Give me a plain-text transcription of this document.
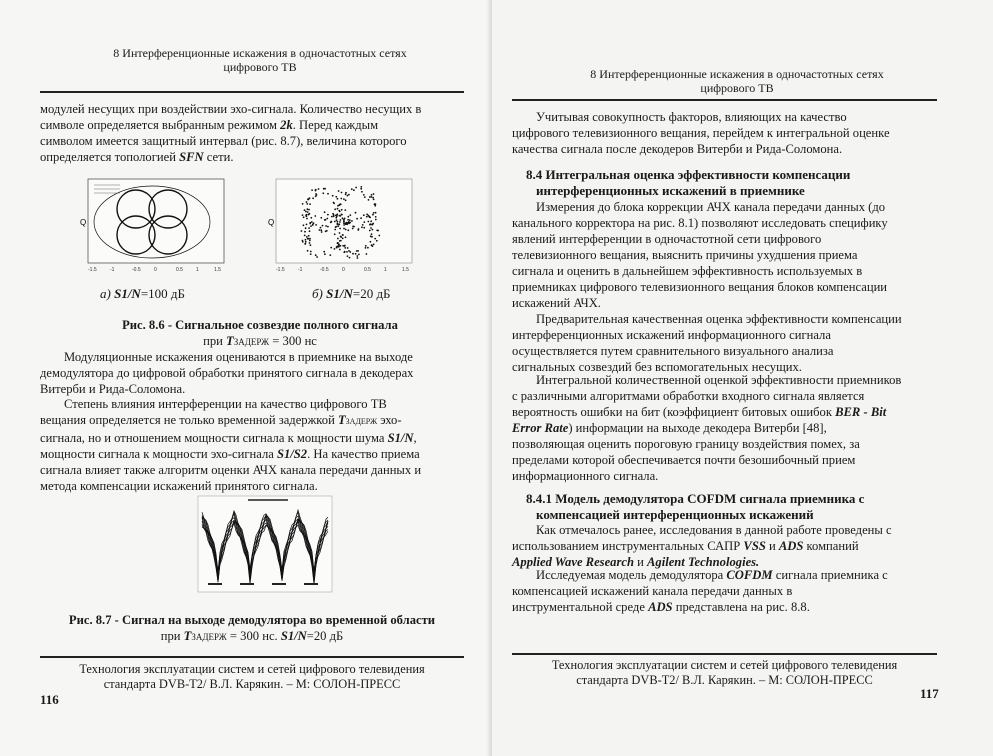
8 Интерференционные искажения в одночастотных сетях
цифрового ТВ

модулей несущих при воздействии эхо-сигнала. Количество несущих в

символе определяется выбранным режимом 2k. Перед каждым

символом имеется защитный интервал (рис. 8.7), величина которого

определяется топологией SFN сети.

Q
-1.5	-1	-0.5	0	0.5	1	1.5
Q
-1.5	-1	-0.5	0	0.5	1	1.5
а) S1/N=100 дБ	б) S1/N=20 дБ
Рис. 8.6 - Сигнальное созвездие полного сигнала
при TЗАДЕРЖ = 300 нс

Модуляционные искажения оцениваются в приемнике на выходе

демодулятора до цифровой обработки принятого сигнала в декодерах

Витерби и Рида-Соломона.

Степень влияния интерференции на качество цифрового ТВ

вещания определяется не только временной задержкой TЗАДЕРЖ эхо-

сигнала, но и отношением мощности сигнала к мощности шума S1/N,

мощности сигнала к мощности эхо-сигнала S1/S2. На качество приема

сигнала влияет также алгоритм оценки АЧХ канала передачи данных и

метода компенсации искажений принятого сигнала.

Рис. 8.7 - Сигнал на выходе демодулятора во временной области
при TЗАДЕРЖ = 300 нс. S1/N=20 дБ
Технология эксплуатации систем и сетей цифрового телевидения
стандарта DVB-T2/ В.Л. Карякин. – М: СОЛОН-ПРЕСС
116
8 Интерференционные искажения в одночастотных сетях
цифрового ТВ

Учитывая совокупность факторов, влияющих на качество

цифрового телевизионного вещания, перейдем к интегральной оценке

качества сигнала после декодеров Витерби и Рида-Соломона.

8.4 Интегральная оценка эффективности компенсации
интерференционных искажений в приемнике

Измерения до блока коррекции АЧХ канала передачи данных (до

канального корректора на рис. 8.1) позволяют исследовать специфику

явлений интерференции в одночастотной сети цифрового

телевизионного вещания, выяснить причины ухудшения приема

сигнала и оценить в дальнейшем эффективность используемых в

приемниках цифрового телевизионного вещания блоков компенсации

искажений АЧХ.

Предварительная качественная оценка эффективности компенсации

интерференционных искажений информационного сигнала

осуществляется путем сравнительного визуального анализа

сигнальных созвездий без вспомогательных несущих.

Интегральной количественной оценкой эффективности приемников

с различными алгоритмами обработки входного сигнала является

вероятность ошибки на бит (коэффициент битовых ошибок BER - Bit

Error Rate) информации на выходе декодера Витерби [48],

позволяющая оценить пороговую границу воздействия помех, за

пределами которой обеспечивается почти безошибочный прием

информационного сигнала.

8.4.1 Модель демодулятора COFDM сигнала приемника с
компенсацией интерференционных искажений

Как отмечалось ранее, исследования в данной работе проведены с

использованием инструментальных САПР VSS и ADS компаний

Applied Wave Research и Agilent Technologies.

Исследуемая модель демодулятора COFDM сигнала приемника с

компенсацией искажений канала передачи данных в

инструментальной среде ADS представлена на рис. 8.8.

Технология эксплуатации систем и сетей цифрового телевидения
стандарта DVB-T2/ В.Л. Карякин. – М: СОЛОН-ПРЕСС
117
